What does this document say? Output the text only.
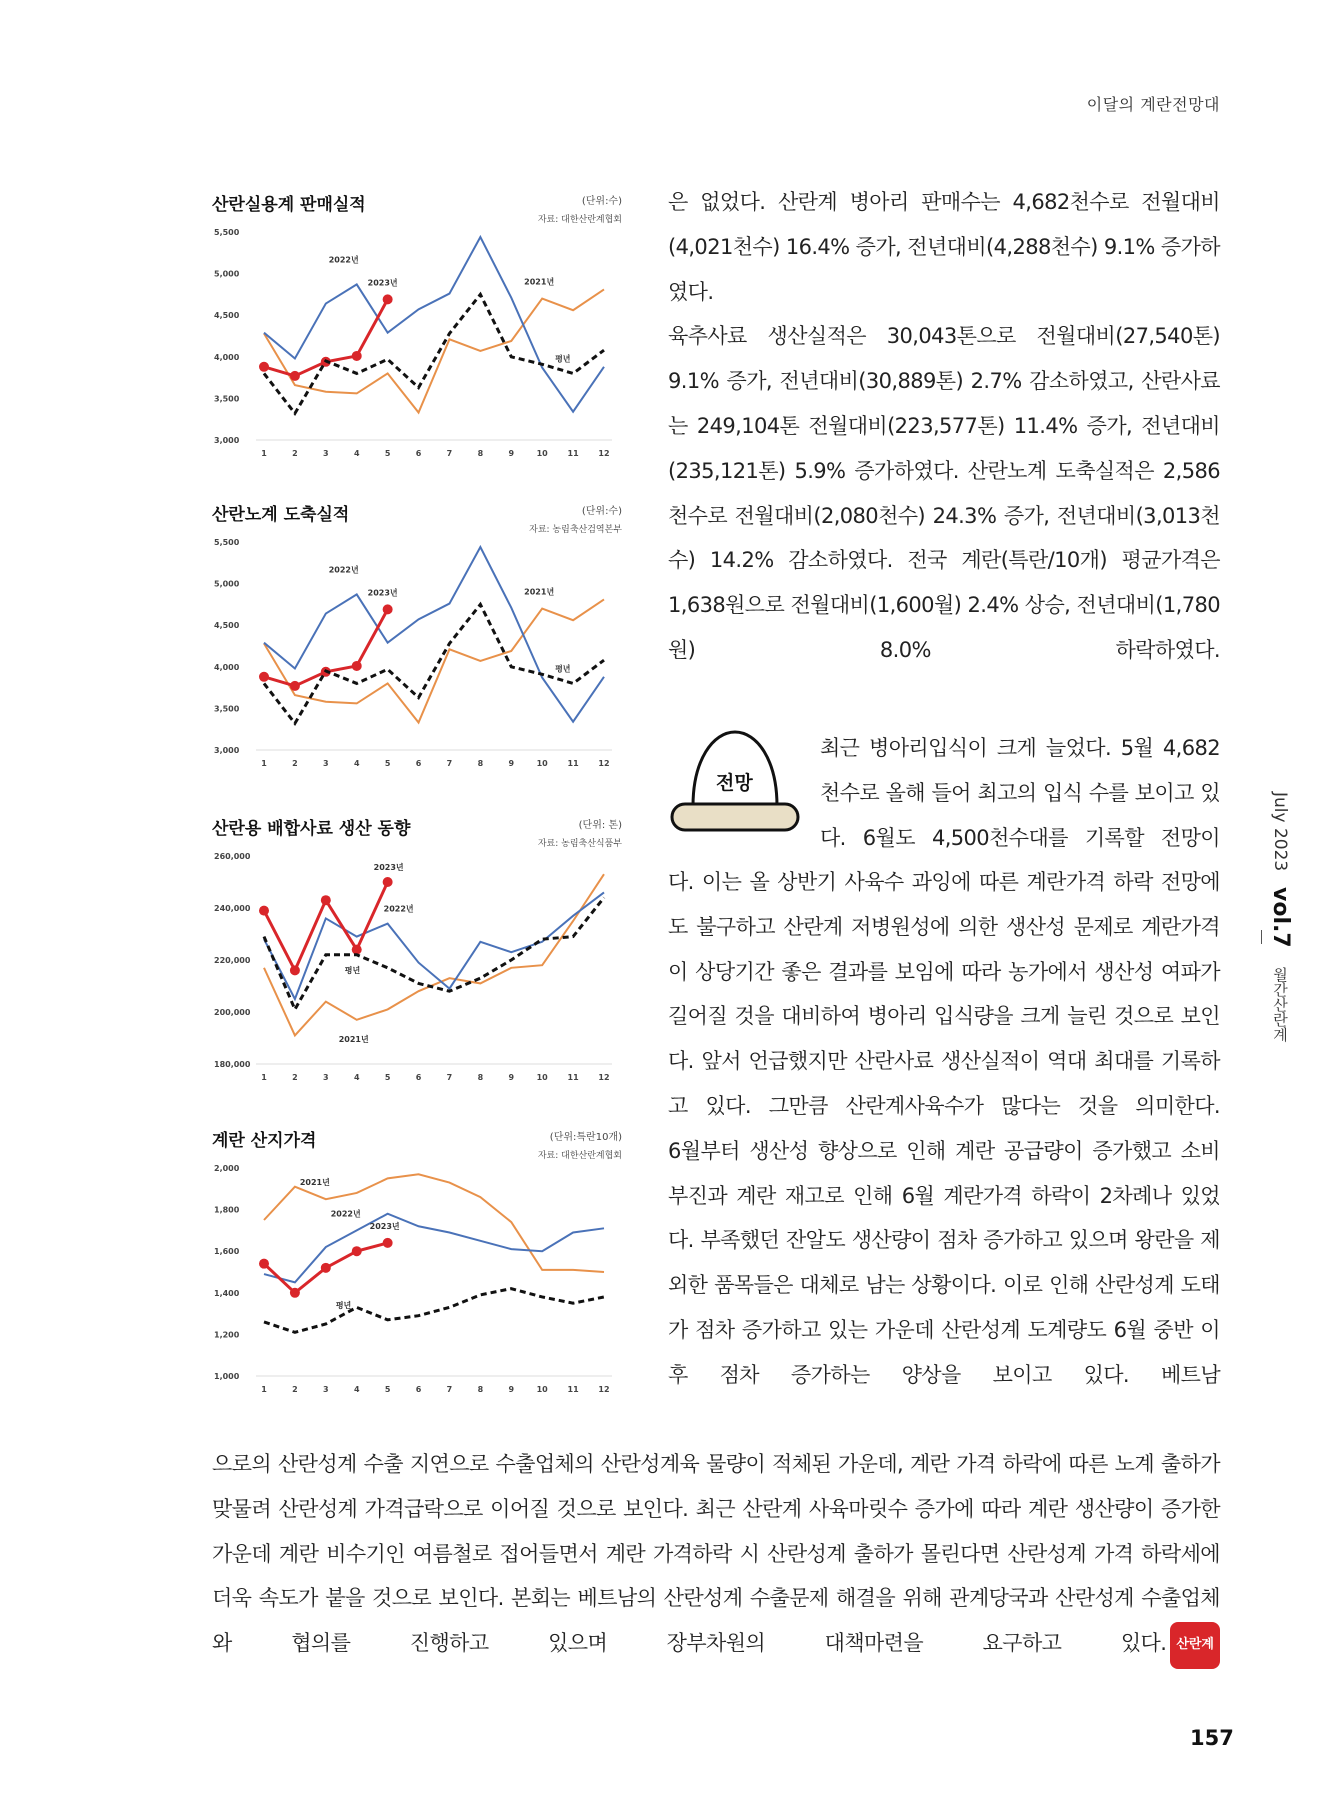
이달의 계란전망대
산란실용계 판매실적	(단위:수)
자료: 대한산란계협회
3,000
3,500
4,000
4,500
5,000
5,500
1	2	3	4	5	6	7	8	9	10 11 12
2022년
2023년	2021년
평년
산란노계 도축실적	(단위:수)
자료: 농림축산검역본부
3,000
3,500
4,000
4,500
5,000
5,500
1	2	3	4	5	6	7	8	9	10 11 12
2022년
2023년	2021년
평년
산란용 배합사료 생산 동향	(단위: 톤)
자료: 농림축산식품부
180,000
200,000
220,000
240,000
260,000
1	2	3	4	5	6	7	8	9	10 11 12
2023년
2022년
평년
2021년
계란 산지가격	(단위:특란10개)
자료: 대한산란계협회
1,000
1,200
1,400
1,600
1,800
2,000
1	2	3	4	5	6	7	8	9	10 11 12
2021년
2022년
2023년
평년

은 없었다. 산란계 병아리 판매수는 4,682천수로 전월대비(4,021천수) 16.4% 증가, 전년대비(4,288천수) 9.1% 증가하였다.

육추사료 생산실적은 30,043톤으로 전월대비(27,540톤) 9.1% 증가, 전년대비(30,889톤) 2.7% 감소하였고, 산란사료는 249,104톤 전월대비(223,577톤) 11.4% 증가, 전년대비(235,121톤) 5.9% 증가하였다. 산란노계 도축실적은 2,586천수로 전월대비(2,080천수) 24.3% 증가, 전년대비(3,013천수) 14.2% 감소하였다. 전국 계란(특란/10개) 평균가격은 1,638원으로 전월대비(1,600월) 2.4% 상승, 전년대비(1,780원) 8.0% 하락하였다.

전망

최근 병아리입식이 크게 늘었다. 5월 4,682천수로 올해 들어 최고의 입식 수를 보이고 있다. 6월도 4,500천수대를 기록할 전망이

다. 이는 올 상반기 사육수 과잉에 따른 계란가격 하락 전망에도 불구하고 산란계 저병원성에 의한 생산성 문제로 계란가격이 상당기간 좋은 결과를 보임에 따라 농가에서 생산성 여파가 길어질 것을 대비하여 병아리 입식량을 크게 늘린 것으로 보인다. 앞서 언급했지만 산란사료 생산실적이 역대 최대를 기록하고 있다. 그만큼 산란계사육수가 많다는 것을 의미한다.

6월부터 생산성 향상으로 인해 계란 공급량이 증가했고 소비 부진과 계란 재고로 인해 6월 계란가격 하락이 2차례나 있었다. 부족했던 잔알도 생산량이 점차 증가하고 있으며 왕란을 제외한 품목들은 대체로 남는 상황이다. 이로 인해 산란성계 도태가 점차 증가하고 있는 가운데 산란성계 도계량도 6월 중반 이후 점차 증가하는 양상을 보이고 있다. 베트남

으로의 산란성계 수출 지연으로 수출업체의 산란성계육 물량이 적체된 가운데, 계란 가격 하락에 따른 노계 출하가 맞물려 산란성계 가격급락으로 이어질 것으로 보인다. 최근 산란계 사육마릿수 증가에 따라 계란 생산량이 증가한 가운데 계란 비수기인 여름철로 접어들면서 계란 가격하락 시 산란성계 출하가 몰린다면 산란성계 가격 하락세에 더욱 속도가 붙을 것으로 보인다. 본회는 베트남의 산란성계 수출문제 해결을 위해 관계당국과 산란성계 수출업체와 협의를 진행하고 있으며 장부차원의 대책마련을 요구하고 있다. 산란계

July 2023 vol.7 월간산란계
157
